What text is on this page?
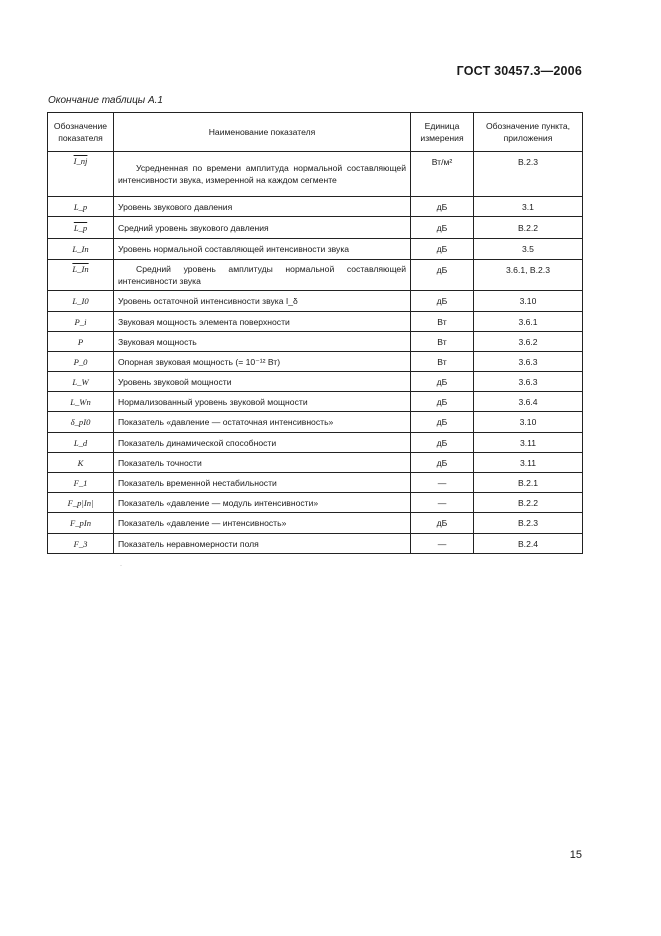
ГОСТ 30457.3—2006
Окончание таблицы А.1
Обозначение показателя	Наименование показателя	Единица измерения	Обозначение пункта, приложения
I_nj	Усредненная по времени амплитуда нормальной составляющей интенсивности звука, измеренной на каждом сегменте	Вт/м²	В.2.3
L_p	Уровень звукового давления	дБ	3.1
L_p	Средний уровень звукового давления	дБ	В.2.2
L_In	Уровень нормальной составляющей интенсивности звука	дБ	3.5
L_In	Средний уровень амплитуды нормальной составляющей интенсивности звука	дБ	3.6.1, В.2.3
L_I0	Уровень остаточной интенсивности звука I_δ	дБ	3.10
P_i	Звуковая мощность элемента поверхности	Вт	3.6.1
P	Звуковая мощность	Вт	3.6.2
P_0	Опорная звуковая мощность (= 10⁻¹² Вт)	Вт	3.6.3
L_W	Уровень звуковой мощности	дБ	3.6.3
L_Wn	Нормализованный уровень звуковой мощности	дБ	3.6.4
δ_pI0	Показатель «давление — остаточная интенсивность»	дБ	3.10
L_d	Показатель динамической способности	дБ	3.11
K	Показатель точности	дБ	3.11
F_1	Показатель временной нестабильности	—	В.2.1
F_p|In|	Показатель «давление — модуль интенсивности»	—	В.2.2
F_pIn	Показатель «давление — интенсивность»	дБ	В.2.3
F_3	Показатель неравномерности поля	—	В.2.4
·
15
